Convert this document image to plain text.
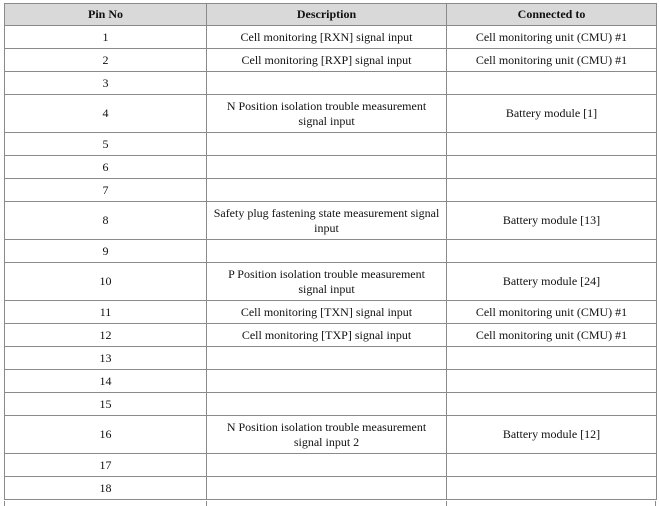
Pin No	Description	Connected to
1	Cell monitoring [RXN] signal input	Cell monitoring unit (CMU) #1
2	Cell monitoring [RXP] signal input	Cell monitoring unit (CMU) #1
3		
4	N Position isolation trouble measurement signal input	Battery module [1]
5		
6		
7		
8	Safety plug fastening state measurement signal input	Battery module [13]
9		
10	P Position isolation trouble measurement signal input	Battery module [24]
11	Cell monitoring [TXN] signal input	Cell monitoring unit (CMU) #1
12	Cell monitoring [TXP] signal input	Cell monitoring unit (CMU) #1
13		
14		
15		
16	N Position isolation trouble measurement signal input 2	Battery module [12]
17		
18		
